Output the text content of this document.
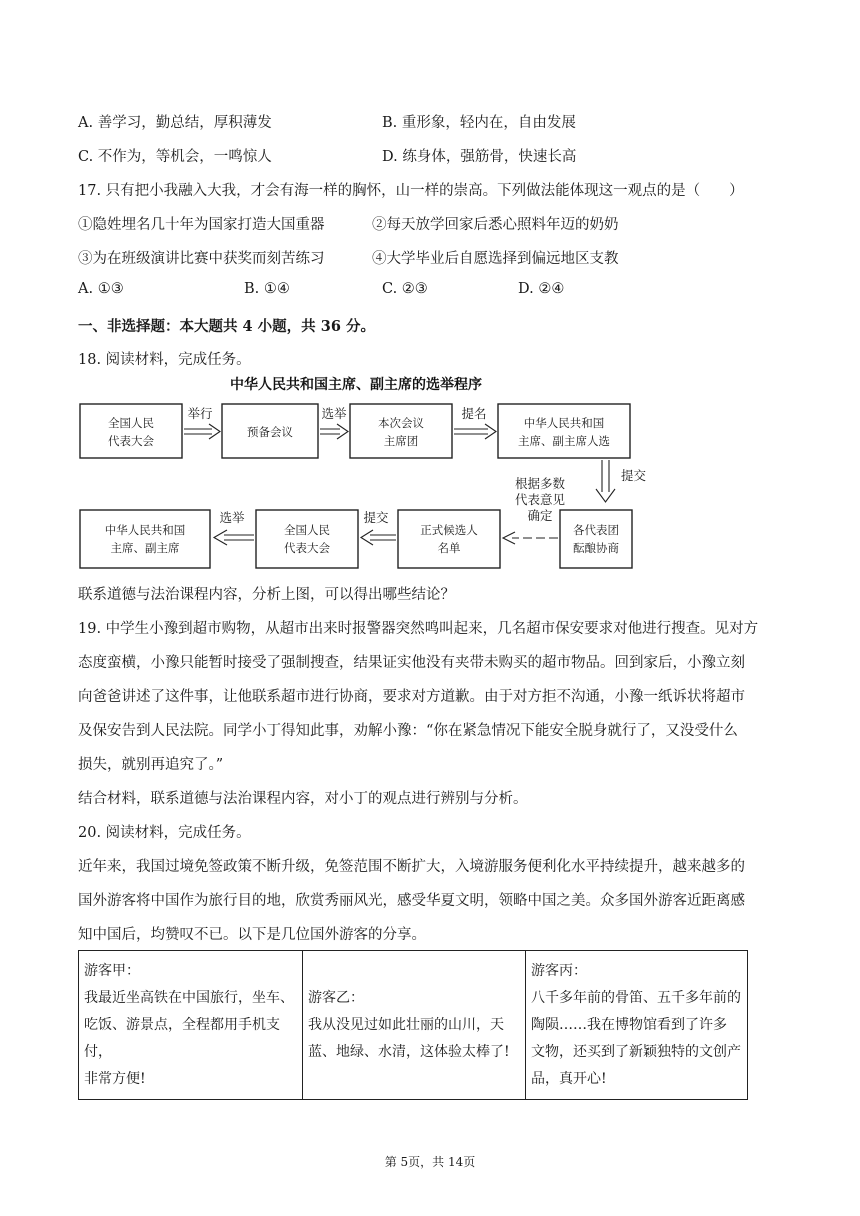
A. 善学习，勤总结，厚积薄发	B. 重形象，轻内在，自由发展
C. 不作为，等机会，一鸣惊人	D. 练身体，强筋骨，快速长高
17. 只有把小我融入大我，才会有海一样的胸怀，山一样的崇高。下列做法能体现这一观点的是（　　）
①隐姓埋名几十年为国家打造大国重器	②每天放学回家后悉心照料年迈的奶奶
③为在班级演讲比赛中获奖而刻苦练习	④大学毕业后自愿选择到偏远地区支教
A. ①③	B. ①④	C. ②③	D. ②④
一、非选择题：本大题共 4 小题，共 36 分。
18. 阅读材料，完成任务。
中华人民共和国主席、副主席的选举程序
全国人民
代表大会
预备会议
本次会议
主席团
中华人民共和国
主席、副主席人选
举行	选举	提名
提交
各代表团
酝酿协商
正式候选人
名单
全国人民
代表大会
中华人民共和国
主席、副主席
根据多数
代表意见
确定
提交
选举
联系道德与法治课程内容，分析上图，可以得出哪些结论？
19. 中学生小豫到超市购物，从超市出来时报警器突然鸣叫起来，几名超市保安要求对他进行搜查。见对方
态度蛮横，小豫只能暂时接受了强制搜查，结果证实他没有夹带未购买的超市物品。回到家后，小豫立刻
向爸爸讲述了这件事，让他联系超市进行协商，要求对方道歉。由于对方拒不沟通，小豫一纸诉状将超市
及保安告到人民法院。同学小丁得知此事，劝解小豫：“你在紧急情况下能安全脱身就行了，又没受什么
损失，就别再追究了。”
结合材料，联系道德与法治课程内容，对小丁的观点进行辨别与分析。
20. 阅读材料，完成任务。
近年来，我国过境免签政策不断升级，免签范围不断扩大，入境游服务便利化水平持续提升，越来越多的
国外游客将中国作为旅行目的地，欣赏秀丽风光，感受华夏文明，领略中国之美。众多国外游客近距离感
知中国后，均赞叹不已。以下是几位国外游客的分享。
游客甲：
我最近坐高铁在中国旅行，坐车、
吃饭、游景点，全程都用手机支付，
非常方便!

游客乙：
我从没见过如此壮丽的山川，天
蓝、地绿、水清，这体验太棒了!

游客丙：
八千多年前的骨笛、五千多年前的
陶陨……我在博物馆看到了许多
文物，还买到了新颖独特的文创产
品，真开心!
第 5页，共 14页
